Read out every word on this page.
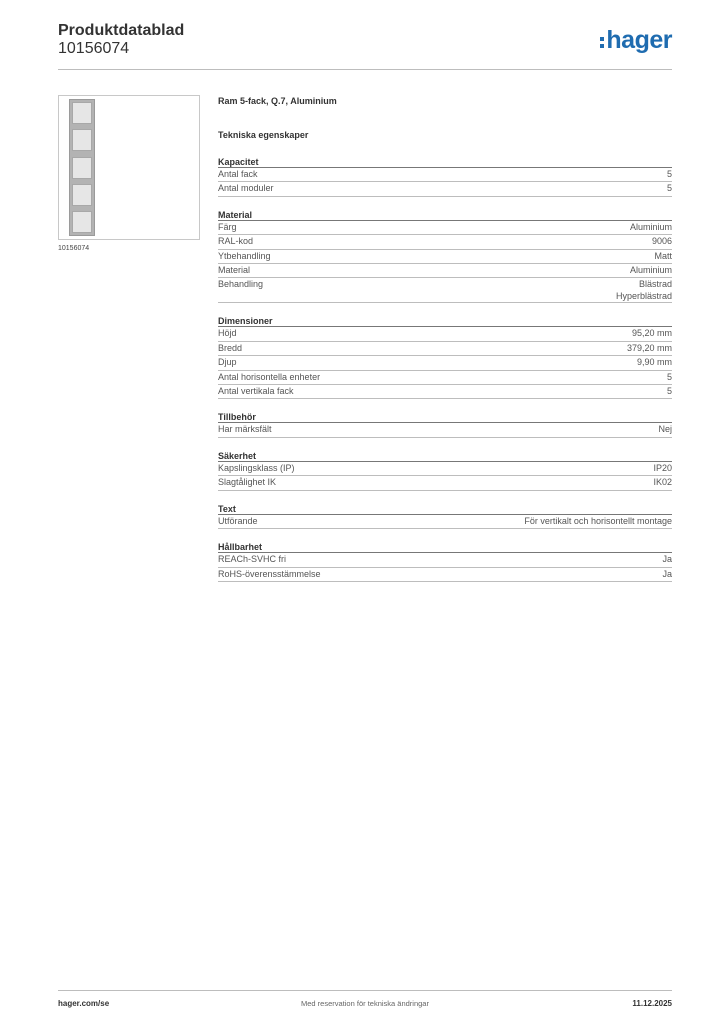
Produktdatablad
10156074	hager
10156074
Ram 5-fack, Q.7, Aluminium
Tekniska egenskaper
Kapacitet
Antal fack	5
Antal moduler	5
Material
Färg	Aluminium
RAL-kod	9006
Ytbehandling	Matt
Material	Aluminium
Behandling	Blästrad
Hyperblästrad
Dimensioner
Höjd	95,20 mm
Bredd	379,20 mm
Djup	9,90 mm
Antal horisontella enheter	5
Antal vertikala fack	5
Tillbehör
Har märksfält	Nej
Säkerhet
Kapslingsklass (IP)	IP20
Slagtålighet IK	IK02
Text
Utförande	För vertikalt och horisontellt montage
Hållbarhet
REACh-SVHC fri	Ja
RoHS-överensstämmelse	Ja
hager.com/se	Med reservation för tekniska ändringar	11.12.2025
